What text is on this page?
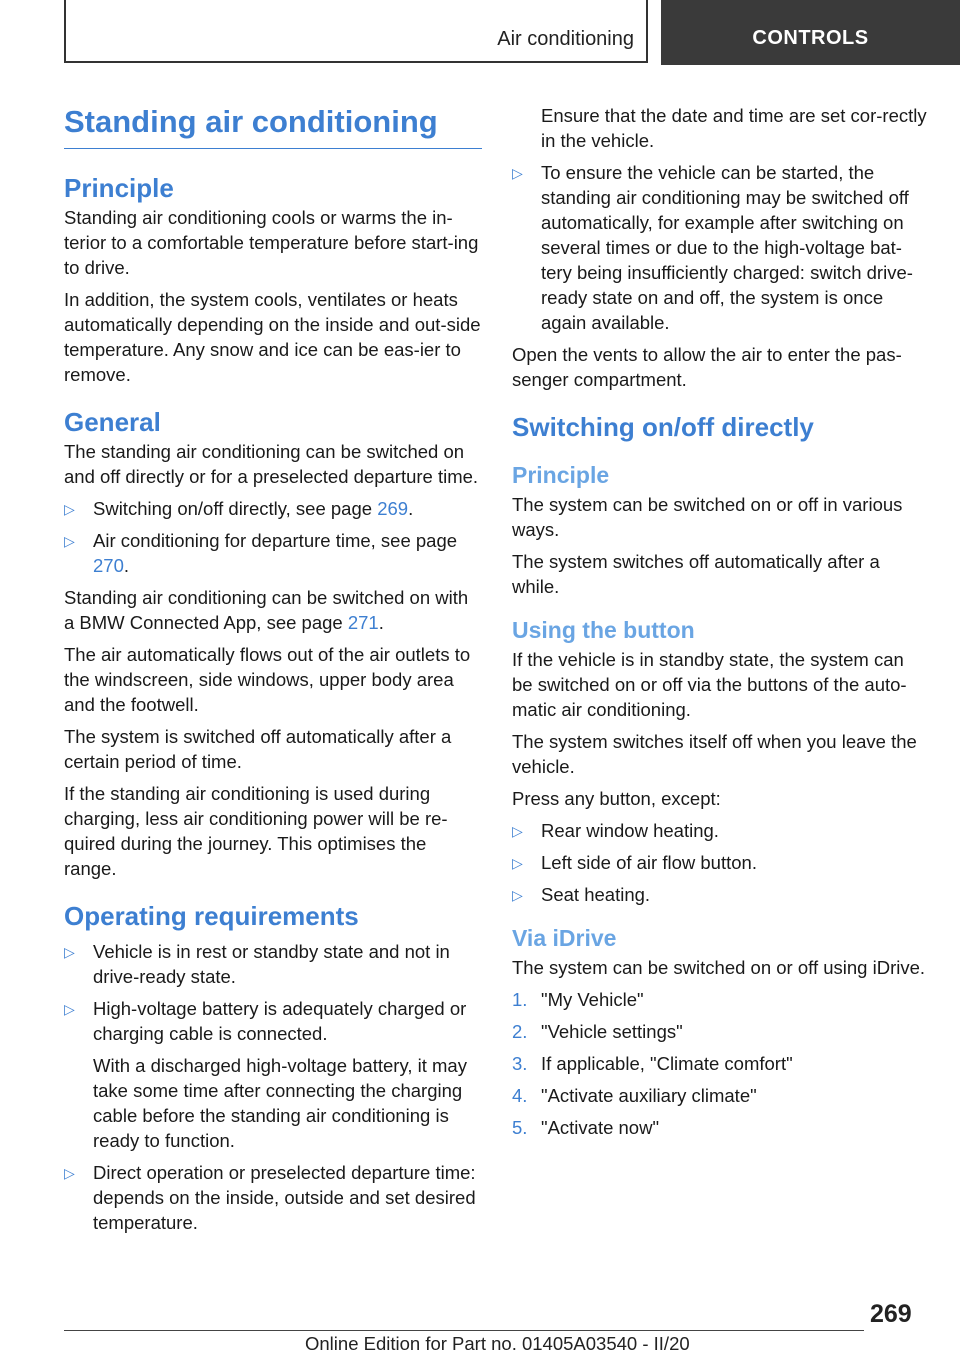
Air conditioning	CONTROLS
Standing air conditioning
Principle

Standing air conditioning cools or warms the in‐terior to a comfortable temperature before start‐ing to drive.

In addition, the system cools, ventilates or heats automatically depending on the inside and out‐side temperature. Any snow and ice can be eas‐ier to remove.

General

The standing air conditioning can be switched on and off directly or for a preselected departure time.

▷ Switching on/off directly, see page 269.
▷ Air conditioning for departure time, see page 270.

Standing air conditioning can be switched on with a BMW Connected App, see page 271.

The air automatically flows out of the air outlets to the windscreen, side windows, upper body area and the footwell.

The system is switched off automatically after a certain period of time.

If the standing air conditioning is used during charging, less air conditioning power will be re‐quired during the journey. This optimises the range.

Operating requirements
▷ Vehicle is in rest or standby state and not in drive-ready state.
▷ High-voltage battery is adequately charged or charging cable is connected.
With a discharged high-voltage battery, it may take some time after connecting the charging cable before the standing air conditioning is ready to function.
▷ Direct operation or preselected departure time: depends on the inside, outside and set desired temperature.
Ensure that the date and time are set cor‐rectly in the vehicle.
▷ To ensure the vehicle can be started, the standing air conditioning may be switched off automatically, for example after switching on several times or due to the high-voltage bat‐tery being insufficiently charged: switch drive-ready state on and off, the system is once again available.

Open the vents to allow the air to enter the pas‐senger compartment.

Switching on/off directly
Principle

The system can be switched on or off in various ways.

The system switches off automatically after a while.

Using the button

If the vehicle is in standby state, the system can be switched on or off via the buttons of the auto‐matic air conditioning.

The system switches itself off when you leave the vehicle.

Press any button, except:

▷ Rear window heating.
▷ Left side of air flow button.
▷ Seat heating.
Via iDrive

The system can be switched on or off using iDrive.

1. "My Vehicle"
2. "Vehicle settings"
3. If applicable, "Climate comfort"
4. "Activate auxiliary climate"
5. "Activate now"
269
Online Edition for Part no. 01405A03540 - II/20
